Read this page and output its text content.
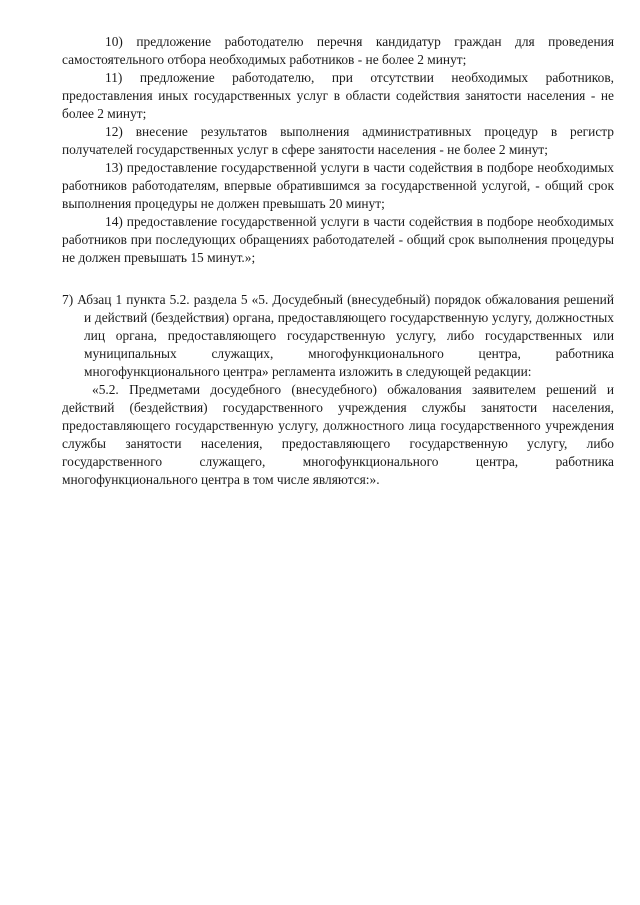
10) предложение работодателю перечня кандидатур граждан для проведения самостоятельного отбора необходимых работников - не более 2 минут;

11) предложение работодателю, при отсутствии необходимых работников, предоставления иных государственных услуг в области содействия занятости населения - не более 2 минут;

12) внесение результатов выполнения административных процедур в регистр получателей государственных услуг в сфере занятости населения - не более 2 минут;

13) предоставление государственной услуги в части содействия в подборе необходимых работников работодателям, впервые обратившимся за государственной услугой, - общий срок выполнения процедуры не должен превышать 20 минут;

14) предоставление государственной услуги в части содействия в подборе необходимых работников при последующих обращениях работодателей - общий срок выполнения процедуры не должен превышать 15 минут.»;

7) Абзац 1 пункта 5.2. раздела 5 «5. Досудебный (внесудебный) порядок обжалования решений и действий (бездействия) органа, предоставляющего государственную услугу, должностных лиц органа, предоставляющего государственную услугу, либо государственных или муниципальных служащих, многофункционального центра, работника многофункционального центра» регламента изложить в следующей редакции:

«5.2. Предметами досудебного (внесудебного) обжалования заявителем решений и действий (бездействия) государственного учреждения службы занятости населения, предоставляющего государственную услугу, должностного лица государственного учреждения службы занятости населения, предоставляющего государственную услугу, либо государственного служащего, многофункционального центра, работника многофункционального центра в том числе являются:».
